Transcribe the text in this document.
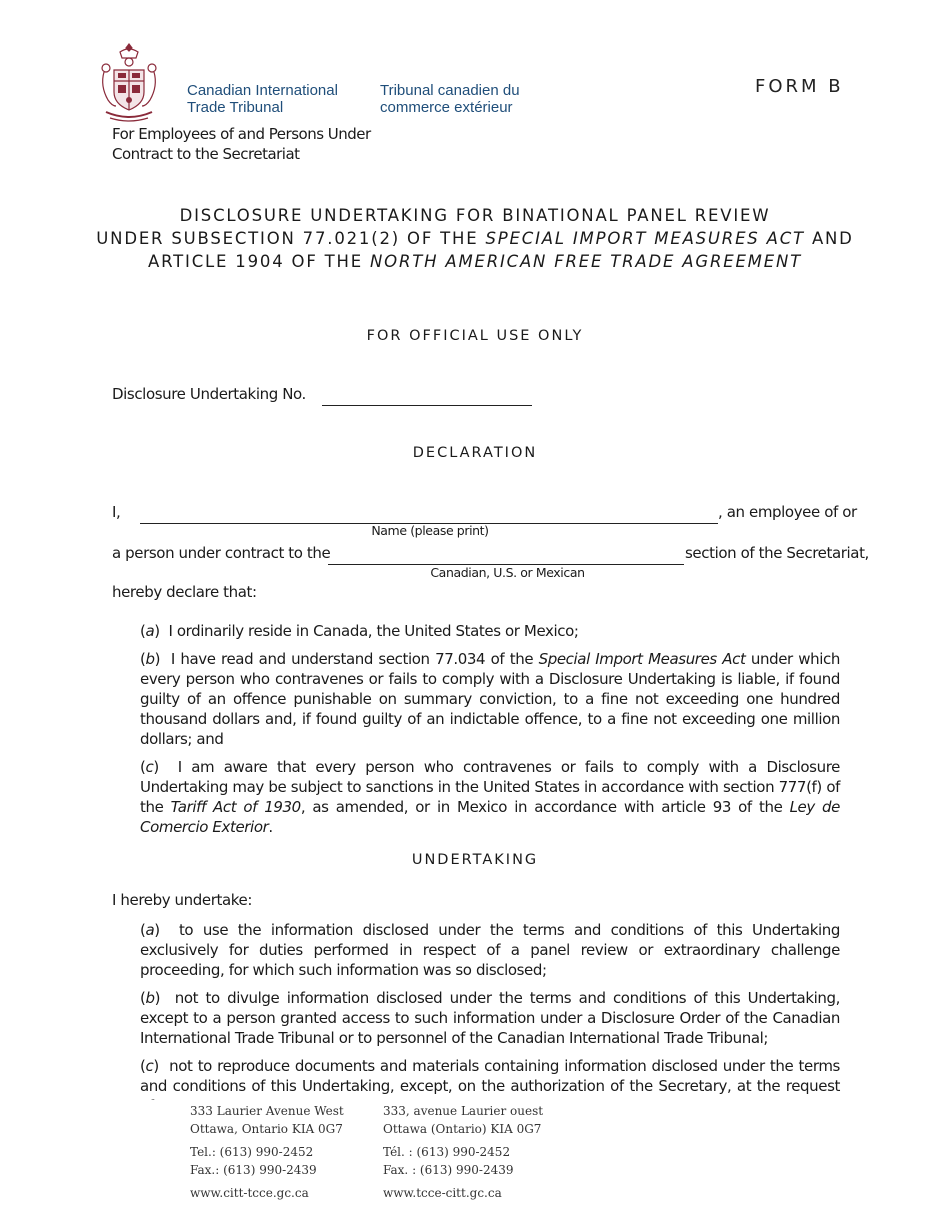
Canadian International
Trade Tribunal
Tribunal canadien du
commerce extérieur
FORM B
For Employees of and Persons Under
Contract to the Secretariat
DISCLOSURE UNDERTAKING FOR BINATIONAL PANEL REVIEW
UNDER SUBSECTION 77.021(2) OF THE SPECIAL IMPORT MEASURES ACT AND
ARTICLE 1904 OF THE NORTH AMERICAN FREE TRADE AGREEMENT
FOR OFFICIAL USE ONLY
Disclosure Undertaking No.
DECLARATION
I,	, an employee of or
Name (please print)
a person under contract to the	section of the Secretariat,
Canadian, U.S. or Mexican
hereby declare that:
(a)  I ordinarily reside in Canada, the United States or Mexico;
(b)  I have read and understand section 77.034 of the Special Import Measures Act under which every person who contravenes or fails to comply with a Disclosure Undertaking is liable, if found guilty of an offence punishable on summary conviction, to a fine not exceeding one hundred thousand dollars and, if found guilty of an indictable offence, to a fine not exceeding one million dollars; and
(c)  I am aware that every person who contravenes or fails to comply with a Disclosure Undertaking may be subject to sanctions in the United States in accordance with section 777(f) of the Tariff Act of 1930, as amended, or in Mexico in accordance with article 93 of the Ley de Comercio Exterior.
UNDERTAKING
I hereby undertake:
(a)  to use the information disclosed under the terms and conditions of this Undertaking exclusively for duties performed in respect of a panel review or extraordinary challenge proceeding, for which such information was so disclosed;
(b)  not to divulge information disclosed under the terms and conditions of this Undertaking, except to a person granted access to such information under a Disclosure Order of the Canadian International Trade Tribunal or to personnel of the Canadian International Trade Tribunal;
(c)  not to reproduce documents and materials containing information disclosed under the terms and conditions of this Undertaking, except, on the authorization of the Secretary, at the request
333 Laurier Avenue West
Ottawa, Ontario KIA 0G7
Tel.: (613) 990-2452
Fax.: (613) 990-2439
www.citt-tcce.gc.ca
333, avenue Laurier ouest
Ottawa (Ontario) KIA 0G7
Tél. : (613) 990-2452
Fax. : (613) 990-2439
www.tcce-citt.gc.ca
